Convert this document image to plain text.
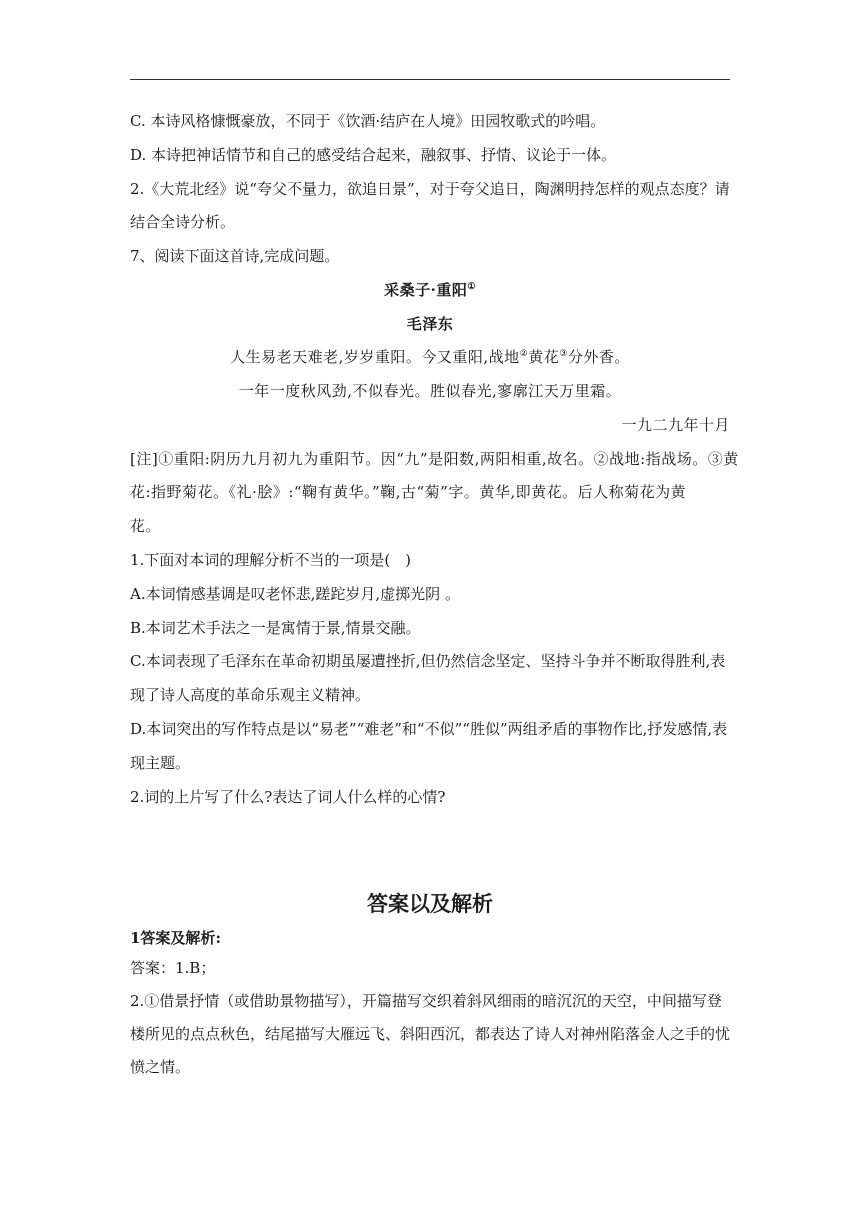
C. 本诗风格慷慨豪放，不同于《饮酒·结庐在人境》田园牧歌式的吟唱。
D. 本诗把神话情节和自己的感受结合起来，融叙事、抒情、议论于一体。
2.《大荒北经》说“夸父不量力，欲追日景”，对于夸父追日，陶渊明持怎样的观点态度？请
结合全诗分析。
7、阅读下面这首诗,完成问题。
采桑子·重阳①
毛泽东
人生易老天难老,岁岁重阳。今又重阳,战地②黄花③分外香。
一年一度秋风劲,不似春光。胜似春光,寥廓江天万里霜。
一九二九年十月
[注]①重阳:阴历九月初九为重阳节。因“九”是阳数,两阳相重,故名。②战地:指战场。③黄
花:指野菊花。《礼·脍》:“鞠有黄华。”鞠,古“菊”字。黄华,即黄花。后人称菊花为黄
花。
1.下面对本词的理解分析不当的一项是(　)
A.本词情感基调是叹老怀悲,蹉跎岁月,虚掷光阴 。
B.本词艺术手法之一是寓情于景,情景交融。
C.本词表现了毛泽东在革命初期虽屡遭挫折,但仍然信念坚定、坚持斗争并不断取得胜利,表
现了诗人高度的革命乐观主义精神。
D.本词突出的写作特点是以“易老”“难老”和“不似”“胜似”两组矛盾的事物作比,抒发感情,表
现主题。
2.词的上片写了什么?表达了词人什么样的心情?
答案以及解析
1答案及解析:
答案：1.B；
2.①借景抒情（或借助景物描写），开篇描写交织着斜风细雨的暗沉沉的天空，中间描写登
楼所见的点点秋色，结尾描写大雁远飞、斜阳西沉，都表达了诗人对神州陷落金人之手的忧
愤之情。
